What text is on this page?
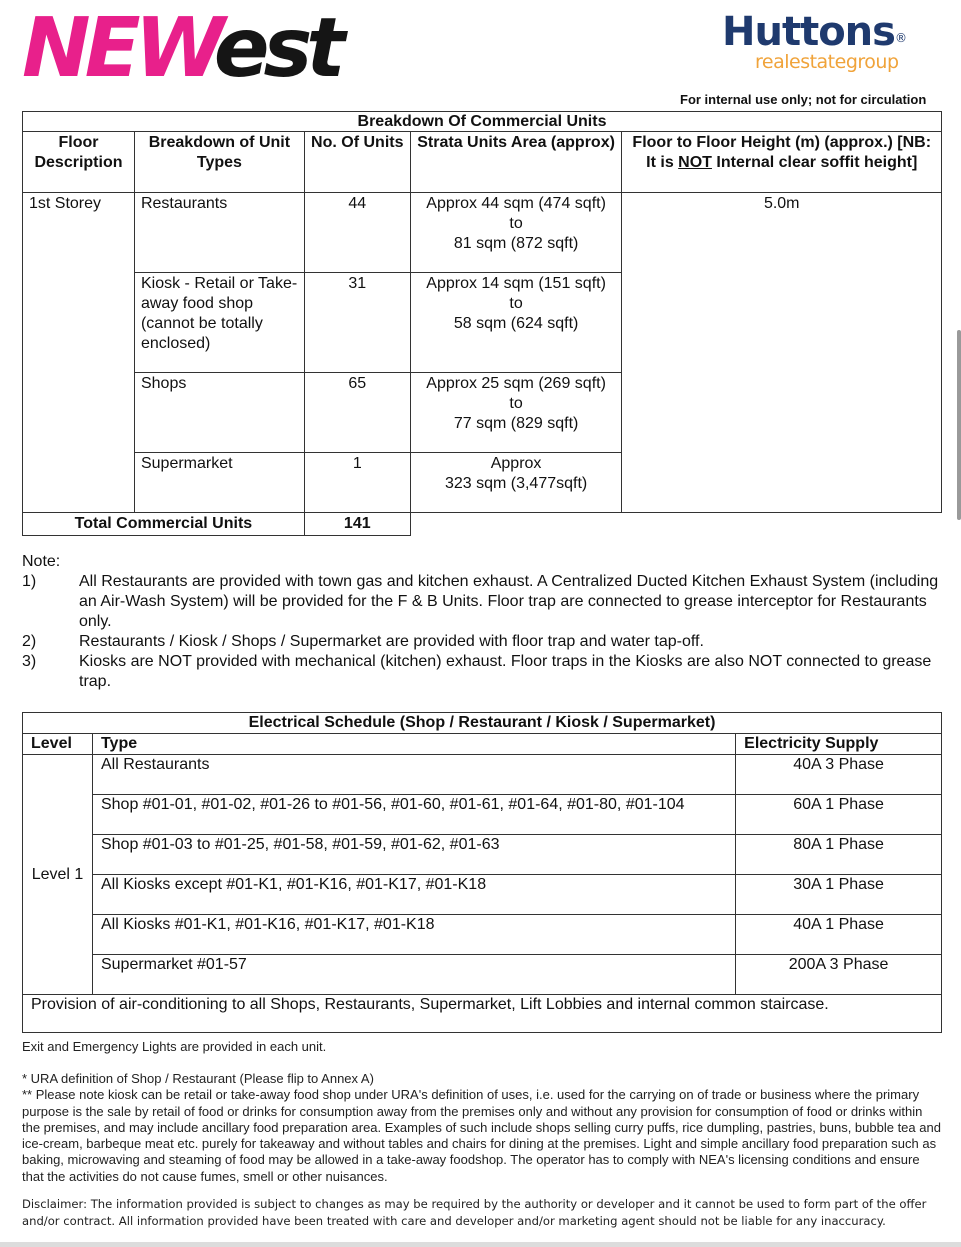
NEWest	Huttons®
realestategroup
For internal use only; not for circulation
Breakdown Of Commercial Units				
Floor Description	Breakdown of Unit Types	No. Of Units	Strata Units Area (approx)	Floor to Floor Height (m) (approx.) [NB: It is NOT Internal clear soffit height]
1st Storey	Restaurants	44	Approx 44 sqm (474 sqft)
to
81 sqm (872 sqft)	5.0m
	Kiosk - Retail or Take-away food shop (cannot be totally enclosed)	31	Approx 14 sqm (151 sqft)
to
58 sqm (624 sqft)	

	Shops	65	Approx 25 sqm (269 sqft)
to
77 sqm (829 sqft)	

	Supermarket	1	Approx
323 sqm (3,477sqft)	

Total Commercial Units		141		
Note:
1)	All Restaurants are provided with town gas and kitchen exhaust. A Centralized Ducted Kitchen Exhaust System (including an Air-Wash System) will be provided for the F & B Units. Floor trap are connected to grease interceptor for Restaurants only.
2)	Restaurants / Kiosk / Shops / Supermarket are provided with floor trap and water tap-off.
3)	Kiosks are NOT provided with mechanical (kitchen) exhaust. Floor traps in the Kiosks are also NOT connected to grease trap.
Electrical Schedule (Shop / Restaurant / Kiosk / Supermarket)		
Level	Type	Electricity Supply
Level 1	All Restaurants	40A 3 Phase
	Shop #01-01, #01-02, #01-26 to #01-56, #01-60, #01-61, #01-64, #01-80, #01-104	60A 1 Phase
	Shop #01-03 to #01-25, #01-58, #01-59, #01-62, #01-63	80A 1 Phase
	All Kiosks except #01-K1, #01-K16, #01-K17, #01-K18	30A 1 Phase
	All Kiosks #01-K1, #01-K16, #01-K17, #01-K18	40A 1 Phase
	Supermarket #01-57	200A 3 Phase
Provision of air-conditioning to all Shops, Restaurants, Supermarket, Lift Lobbies and internal common staircase.		
Exit and Emergency Lights are provided in each unit.
* URA definition of Shop / Restaurant (Please flip to Annex A)
** Please note kiosk can be retail or take-away food shop under URA's definition of uses, i.e. used for the carrying on of trade or business where the primary purpose is the sale by retail of food or drinks for consumption away from the premises only and without any provision for consumption of food or drinks within the premises, and may include ancillary food preparation area. Examples of such include shops selling curry puffs, rice dumpling, pastries, buns, bubble tea and ice-cream, barbeque meat etc. purely for takeaway and without tables and chairs for dining at the premises. Light and simple ancillary food preparation such as baking, microwaving and steaming of food may be allowed in a take-away foodshop. The operator has to comply with NEA's licensing conditions and ensure that the activities do not cause fumes, smell or other nuisances.
Disclaimer: The information provided is subject to changes as may be required by the authority or developer and it cannot be used to form part of the offer and/or contract. All information provided have been treated with care and developer and/or marketing agent should not be liable for any inaccuracy.
